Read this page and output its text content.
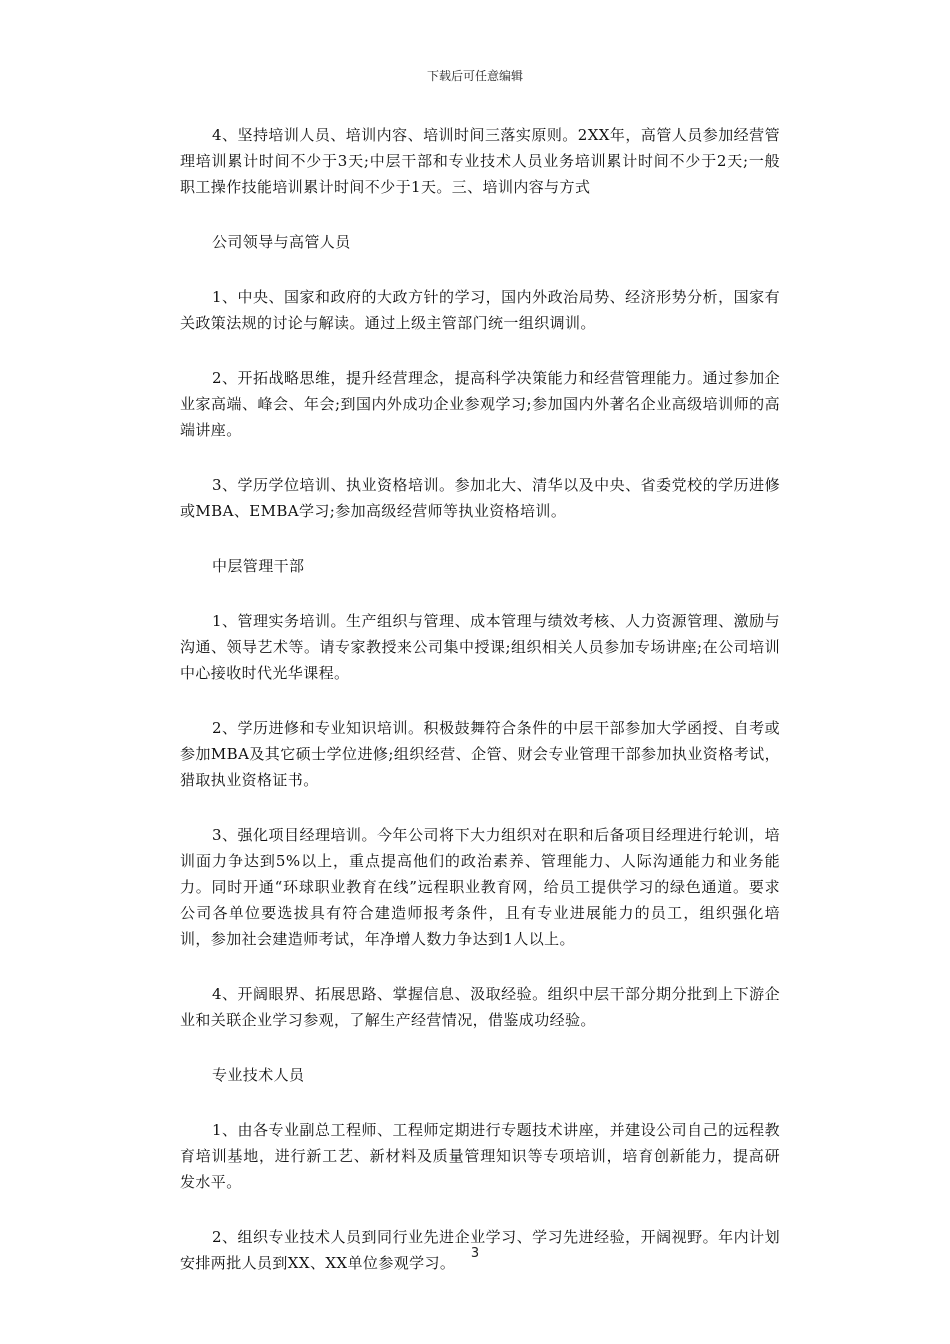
下载后可任意编辑

4、坚持培训人员、培训内容、培训时间三落实原则。2XX年，高管人员参加经营管理培训累计时间不少于3天;中层干部和专业技术人员业务培训累计时间不少于2天;一般职工操作技能培训累计时间不少于1天。三、培训内容与方式

公司领导与高管人员

1、中央、国家和政府的大政方针的学习，国内外政治局势、经济形势分析，国家有关政策法规的讨论与解读。通过上级主管部门统一组织调训。

2、开拓战略思维，提升经营理念，提高科学决策能力和经营管理能力。通过参加企业家高端、峰会、年会;到国内外成功企业参观学习;参加国内外著名企业高级培训师的高端讲座。

3、学历学位培训、执业资格培训。参加北大、清华以及中央、省委党校的学历进修或MBA、EMBA学习;参加高级经营师等执业资格培训。

中层管理干部

1、管理实务培训。生产组织与管理、成本管理与绩效考核、人力资源管理、激励与沟通、领导艺术等。请专家教授来公司集中授课;组织相关人员参加专场讲座;在公司培训中心接收时代光华课程。

2、学历进修和专业知识培训。积极鼓舞符合条件的中层干部参加大学函授、自考或参加MBA及其它硕士学位进修;组织经营、企管、财会专业管理干部参加执业资格考试，猎取执业资格证书。

3、强化项目经理培训。今年公司将下大力组织对在职和后备项目经理进行轮训，培训面力争达到5%以上，重点提高他们的政治素养、管理能力、人际沟通能力和业务能力。同时开通“环球职业教育在线”远程职业教育网，给员工提供学习的绿色通道。要求公司各单位要选拔具有符合建造师报考条件，且有专业进展能力的员工，组织强化培训，参加社会建造师考试，年净增人数力争达到1人以上。

4、开阔眼界、拓展思路、掌握信息、汲取经验。组织中层干部分期分批到上下游企业和关联企业学习参观，了解生产经营情况，借鉴成功经验。

专业技术人员

1、由各专业副总工程师、工程师定期进行专题技术讲座，并建设公司自己的远程教育培训基地，进行新工艺、新材料及质量管理知识等专项培训，培育创新能力，提高研发水平。

2、组织专业技术人员到同行业先进企业学习、学习先进经验，开阔视野。年内计划安排两批人员到XX、XX单位参观学习。

3
